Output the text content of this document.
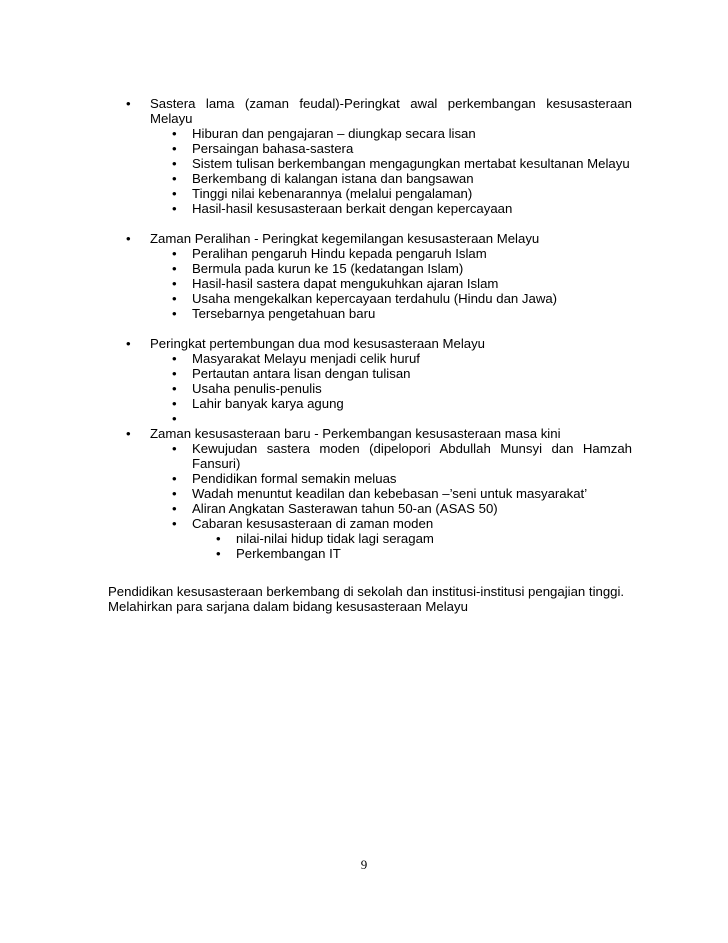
• Sastera lama (zaman feudal)-Peringkat awal perkembangan kesusasteraan
Melayu
• Hiburan dan pengajaran – diungkap secara lisan
• Persaingan bahasa-sastera
• Sistem tulisan berkembangan mengagungkan mertabat kesultanan Melayu
• Berkembang di kalangan istana dan bangsawan
• Tinggi nilai kebenarannya (melalui pengalaman)
• Hasil-hasil kesusasteraan berkait dengan kepercayaan
• Zaman Peralihan - Peringkat kegemilangan kesusasteraan Melayu
• Peralihan pengaruh Hindu kepada pengaruh Islam
• Bermula pada kurun ke 15 (kedatangan Islam)
• Hasil-hasil sastera dapat mengukuhkan ajaran Islam
• Usaha mengekalkan kepercayaan terdahulu (Hindu dan Jawa)
• Tersebarnya pengetahuan baru
• Peringkat pertembungan dua mod kesusasteraan Melayu
• Masyarakat Melayu menjadi celik huruf
• Pertautan antara lisan dengan tulisan
• Usaha penulis-penulis
• Lahir banyak karya agung
•
• Zaman kesusasteraan baru - Perkembangan kesusasteraan masa kini
• Kewujudan sastera moden (dipelopori Abdullah Munsyi dan Hamzah Fansuri)
• Pendidikan formal semakin meluas
• Wadah menuntut keadilan dan kebebasan –’seni untuk masyarakat’
• Aliran Angkatan Sasterawan tahun 50-an (ASAS 50)
• Cabaran kesusasteraan di zaman moden
• nilai-nilai hidup tidak lagi seragam
• Perkembangan IT
Pendidikan kesusasteraan berkembang di sekolah dan institusi-institusi pengajian tinggi.
Melahirkan para sarjana dalam bidang kesusasteraan Melayu
9
